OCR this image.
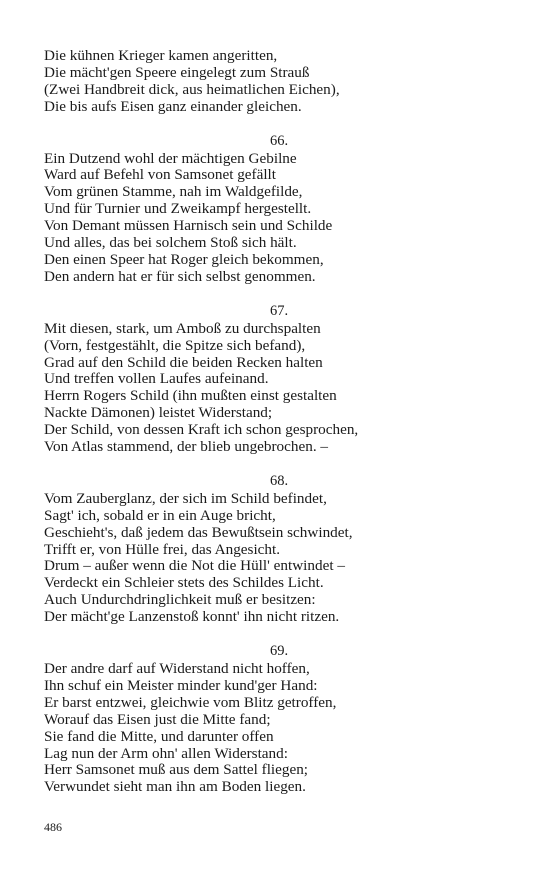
Die kühnen Krieger kamen angeritten,
Die mächt'gen Speere eingelegt zum Strauß
(Zwei Handbreit dick, aus heimatlichen Eichen),
Die bis aufs Eisen ganz einander gleichen.
66.
Ein Dutzend wohl der mächtigen Gebilne
Ward auf Befehl von Samsonet gefällt
Vom grünen Stamme, nah im Waldgefilde,
Und für Turnier und Zweikampf hergestellt.
Von Demant müssen Harnisch sein und Schilde
Und alles, das bei solchem Stoß sich hält.
Den einen Speer hat Roger gleich bekommen,
Den andern hat er für sich selbst genommen.
67.
Mit diesen, stark, um Amboß zu durchspalten
(Vorn, festgestählt, die Spitze sich befand),
Grad auf den Schild die beiden Recken halten
Und treffen vollen Laufes aufeinand.
Herrn Rogers Schild (ihn mußten einst gestalten
Nackte Dämonen) leistet Widerstand;
Der Schild, von dessen Kraft ich schon gesprochen,
Von Atlas stammend, der blieb ungebrochen. –
68.
Vom Zauberglanz, der sich im Schild befindet,
Sagt' ich, sobald er in ein Auge bricht,
Geschieht's, daß jedem das Bewußtsein schwindet,
Trifft er, von Hülle frei, das Angesicht.
Drum – außer wenn die Not die Hüll' entwindet –
Verdeckt ein Schleier stets des Schildes Licht.
Auch Undurchdringlichkeit muß er besitzen:
Der mächt'ge Lanzenstoß konnt' ihn nicht ritzen.
69.
Der andre darf auf Widerstand nicht hoffen,
Ihn schuf ein Meister minder kund'ger Hand:
Er barst entzwei, gleichwie vom Blitz getroffen,
Worauf das Eisen just die Mitte fand;
Sie fand die Mitte, und darunter offen
Lag nun der Arm ohn' allen Widerstand:
Herr Samsonet muß aus dem Sattel fliegen;
Verwundet sieht man ihn am Boden liegen.
486
